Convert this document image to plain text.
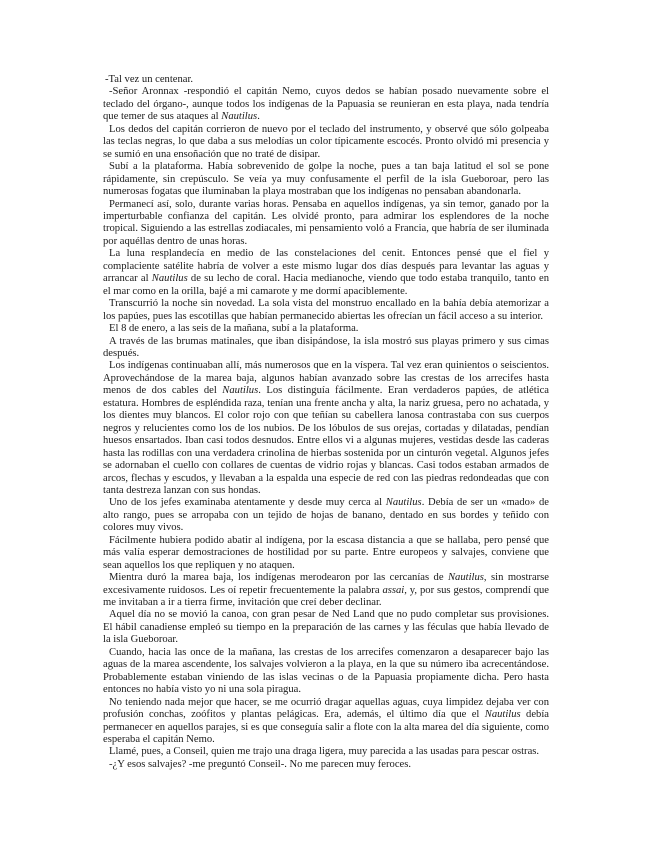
-Tal vez un centenar.

-Señor Aronnax -respondió el capitán Nemo, cuyos dedos se habían posado nuevamente sobre el teclado del órgano-, aunque todos los indígenas de la Papuasia se reunieran en esta playa, nada tendría que temer de sus ataques al Nautilus.

Los dedos del capitán corrieron de nuevo por el teclado del instrumento, y observé que sólo golpeaba las teclas negras, lo que daba a sus melodías un color típicamente escocés. Pronto olvidó mi presencia y se sumió en una ensoñación que no traté de disipar.

Subí a la plataforma. Había sobrevenido de golpe la noche, pues a tan baja latitud el sol se pone rápidamente, sin crepúsculo. Se veía ya muy confusamente el perfil de la isla Gueboroar, pero las numerosas fogatas que iluminaban la playa mostraban que los indígenas no pensaban abandonarla.

Permanecí así, solo, durante varias horas. Pensaba en aquellos indígenas, ya sin temor, ganado por la imperturbable confianza del capitán. Les olvidé pronto, para admirar los esplendores de la noche tropical. Siguiendo a las estrellas zodiacales, mi pensamiento voló a Francia, que habría de ser iluminada por aquéllas dentro de unas horas.

La luna resplandecía en medio de las constelaciones del cenit. Entonces pensé que el fiel y complaciente satélite habría de volver a este mismo lugar dos días después para levantar las aguas y arrancar al Nautilus de su lecho de coral. Hacia medianoche, viendo que todo estaba tranquilo, tanto en el mar como en la orilla, bajé a mi camarote y me dormí apaciblemente.

Transcurrió la noche sin novedad. La sola vista del monstruo encallado en la bahía debía atemorizar a los papúes, pues las escotillas que habían permanecido abiertas les ofrecían un fácil acceso a su interior.

El 8 de enero, a las seis de la mañana, subí a la plataforma.

A través de las brumas matinales, que iban disipándose, la isla mostró sus playas primero y sus cimas después.

Los indígenas continuaban allí, más numerosos que en la víspera. Tal vez eran quinientos o seiscientos. Aprovechándose de la marea baja, algunos habían avanzado sobre las crestas de los arrecifes hasta menos de dos cables del Nautilus. Los distinguía fácilmente. Eran verdaderos papúes, de atlética estatura. Hombres de espléndida raza, tenían una frente ancha y alta, la nariz gruesa, pero no achatada, y los dientes muy blancos. El color rojo con que teñían su cabellera lanosa contrastaba con sus cuerpos negros y relucientes como los de los nubios. De los lóbulos de sus orejas, cortadas y dilatadas, pendían huesos ensartados. Iban casi todos desnudos. Entre ellos vi a algunas mujeres, vestidas desde las caderas hasta las rodillas con una verdadera crinolina de hierbas sostenida por un cinturón vegetal. Algunos jefes se adornaban el cuello con collares de cuentas de vidrio rojas y blancas. Casi todos estaban armados de arcos, flechas y escudos, y llevaban a la espalda una especie de red con las piedras redondeadas que con tanta destreza lanzan con sus hondas.

Uno de los jefes examinaba atentamente y desde muy cerca al Nautilus. Debía de ser un «mado» de alto rango, pues se arropaba con un tejido de hojas de banano, dentado en sus bordes y teñido con colores muy vivos.

Fácilmente hubiera podido abatir al indígena, por la escasa distancia a que se hallaba, pero pensé que más valía esperar demostraciones de hostilidad por su parte. Entre europeos y salvajes, conviene que sean aquellos los que repliquen y no ataquen.

Mientra duró la marea baja, los indígenas merodearon por las cercanías de Nautilus, sin mostrarse excesivamente ruidosos. Les oí repetir frecuentemente la palabra assai, y, por sus gestos, comprendí que me invitaban a ir a tierra firme, invitación que creí deber declinar.

Aquel día no se movió la canoa, con gran pesar de Ned Land que no pudo completar sus provisiones. El hábil canadiense empleó su tiempo en la preparación de las carnes y las féculas que había llevado de la isla Gueboroar.

Cuando, hacia las once de la mañana, las crestas de los arrecifes comenzaron a desaparecer bajo las aguas de la marea ascendente, los salvajes volvieron a la playa, en la que su número iba acrecentándose. Probablemente estaban viniendo de las islas vecinas o de la Papuasia propiamente dicha. Pero hasta entonces no había visto yo ni una sola piragua.

No teniendo nada mejor que hacer, se me ocurrió dragar aquellas aguas, cuya limpidez dejaba ver con profusión conchas, zoófitos y plantas pelágicas. Era, además, el último día que el Nautilus debía permanecer en aquellos parajes, si es que conseguía salir a flote con la alta marea del día siguiente, como esperaba el capitán Nemo.

Llamé, pues, a Conseil, quien me trajo una draga ligera, muy parecida a las usadas para pescar ostras.

-¿Y esos salvajes? -me preguntó Conseil-. No me parecen muy feroces.
